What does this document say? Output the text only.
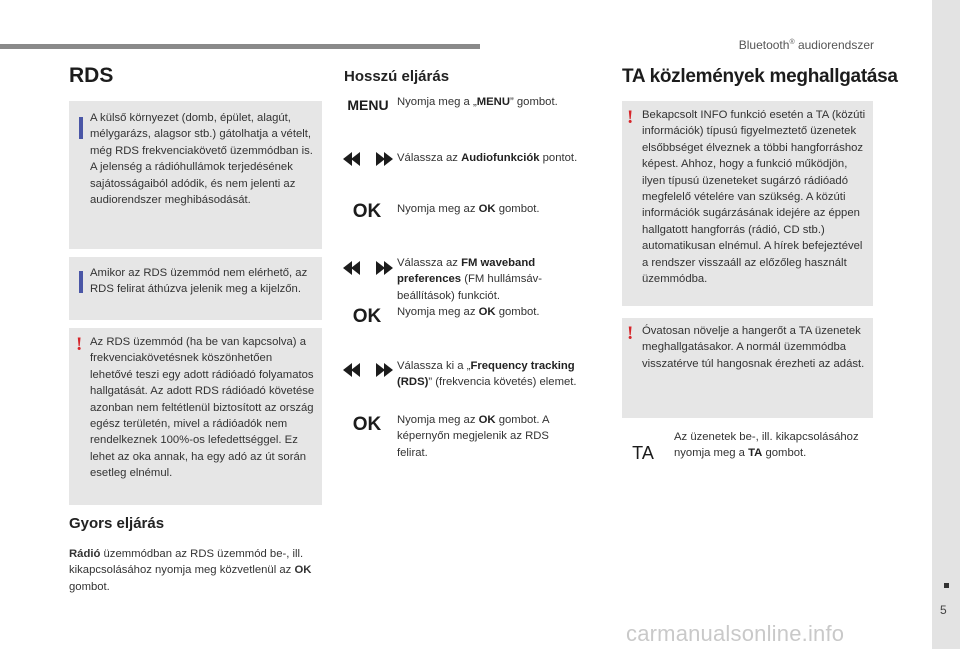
Bluetooth® audiorendszer
5
carmanualsonline.info
RDS

A külső környezet (domb, épület, alagút, mélygarázs, alagsor stb.) gátolhatja a vételt, még RDS frekvenciakövető üzemmódban is. A jelenség a rádióhullámok terjedésének sajátosságaiból adódik, és nem jelenti az audiorendszer meghibásodását.

Amikor az RDS üzemmód nem elérhető, az RDS felirat áthúzva jelenik meg a kijelzőn.

! Az RDS üzemmód (ha be van kapcsolva) a frekvenciakövetésnek köszönhetően lehetővé teszi egy adott rádióadó folyamatos hallgatását. Az adott RDS rádióadó követése azonban nem feltétlenül biztosított az ország egész területén, mivel a rádióadók nem rendelkeznek 100%-os lefedettséggel. Ez lehet az oka annak, ha egy adó az út során esetleg elnémul.

Gyors eljárás
Rádió üzemmódban az RDS üzemmód be-, ill. kikapcsolásához nyomja meg közvetlenül az OK gombot.
Hosszú eljárás
MENU Nyomja meg a „MENU” gombot.
Válassza az Audiofunkciók pontot.
OK	Nyomja meg az OK gombot.
Válassza az FM waveband preferences (FM hullámsáv-beállítások) funkciót.
OK	Nyomja meg az OK gombot.
Válassza ki a „Frequency tracking (RDS)” (frekvencia követés) elemet.
OK	Nyomja meg az OK gombot. A képernyőn megjelenik az RDS felirat.
TA közlemények meghallgatása
! Bekapcsolt INFO funkció esetén a TA (közúti információk) típusú figyelmeztető üzenetek elsőbbséget élveznek a többi hangforráshoz képest. Ahhoz, hogy a funkció működjön, ilyen típusú üzeneteket sugárzó rádióadó megfelelő vételére van szükség. A közúti információk sugárzásának idejére az éppen hallgatott hangforrás (rádió, CD stb.) automatikusan elnémul. A hírek befejeztével a rendszer visszaáll az előzőleg használt üzemmódba.

! Óvatosan növelje a hangerőt a TA üzenetek meghallgatásakor. A normál üzemmódba visszatérve túl hangosnak érezheti az adást.

TA
Az üzenetek be-, ill. kikapcsolásához nyomja meg a TA gombot.
